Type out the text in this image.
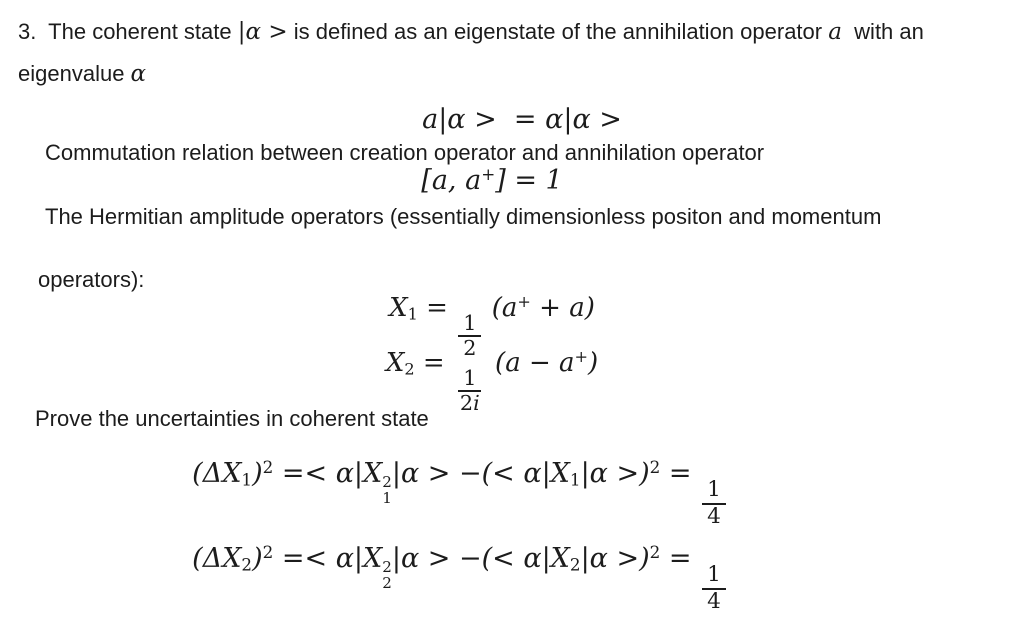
3.  The coherent state |α > is defined as an eigenstate of the annihilation operator a  with an
eigenvalue α

a|α >  = α|α >
Commutation relation between creation operator and annihilation operator
[a, a+] = 1
The Hermitian amplitude operators (essentially dimensionless positon and momentum
operators):
$X_1$ =
$\frac{1}{2}$
(a+ + a)
$X_2$ =
$\frac{1}{2i}$
(a − a+)
Prove the uncertainties in coherent state
$(\Delta X_1)^2 =< \alpha|X$ 2
1
|α > −(< $\alpha|X_1|\alpha >)^2$ =
$\frac{1}{4}$
$(\Delta X_2)^2 =< \alpha|X$ 2
2
|α > −(< $\alpha|X_2|\alpha >)^2$ =
$\frac{1}{4}$
